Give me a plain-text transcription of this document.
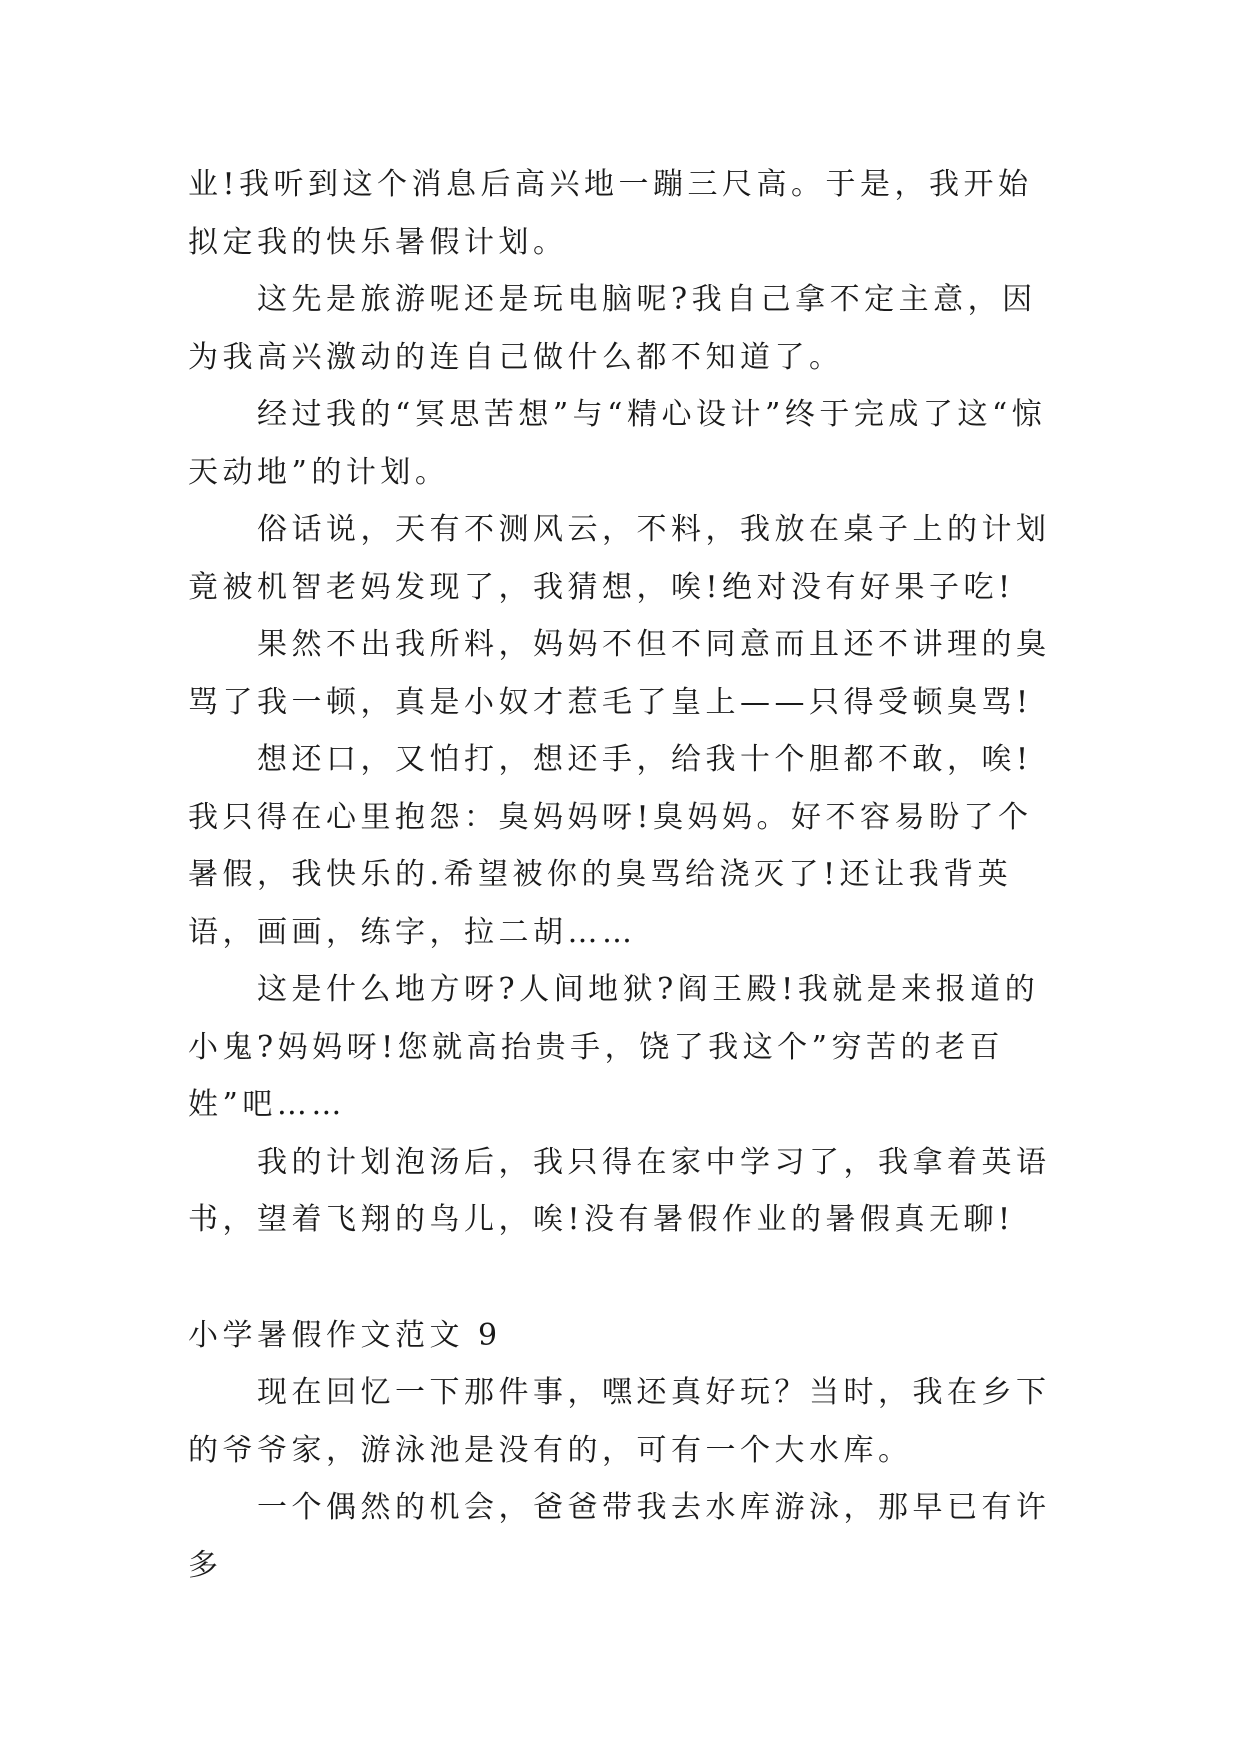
业!我听到这个消息后高兴地一蹦三尺高。于是，我开始拟定我的快乐暑假计划。

这先是旅游呢还是玩电脑呢?我自己拿不定主意，因为我高兴激动的连自己做什么都不知道了。

经过我的“冥思苦想”与“精心设计”终于完成了这“惊天动地”的计划。

俗话说，天有不测风云，不料，我放在桌子上的计划竟被机智老妈发现了，我猜想，唉!绝对没有好果子吃!

果然不出我所料，妈妈不但不同意而且还不讲理的臭骂了我一顿，真是小奴才惹毛了皇上——只得受顿臭骂!

想还口，又怕打，想还手，给我十个胆都不敢，唉!我只得在心里抱怨：臭妈妈呀!臭妈妈。好不容易盼了个暑假，我快乐的.希望被你的臭骂给浇灭了!还让我背英语，画画，练字，拉二胡……

这是什么地方呀?人间地狱?阎王殿!我就是来报道的小鬼?妈妈呀!您就高抬贵手，饶了我这个”穷苦的老百姓”吧……

我的计划泡汤后，我只得在家中学习了，我拿着英语书，望着飞翔的鸟儿，唉!没有暑假作业的暑假真无聊!

小学暑假作文范文 9

现在回忆一下那件事，嘿还真好玩？当时，我在乡下的爷爷家，游泳池是没有的，可有一个大水库。

一个偶然的机会，爸爸带我去水库游泳，那早已有许多
